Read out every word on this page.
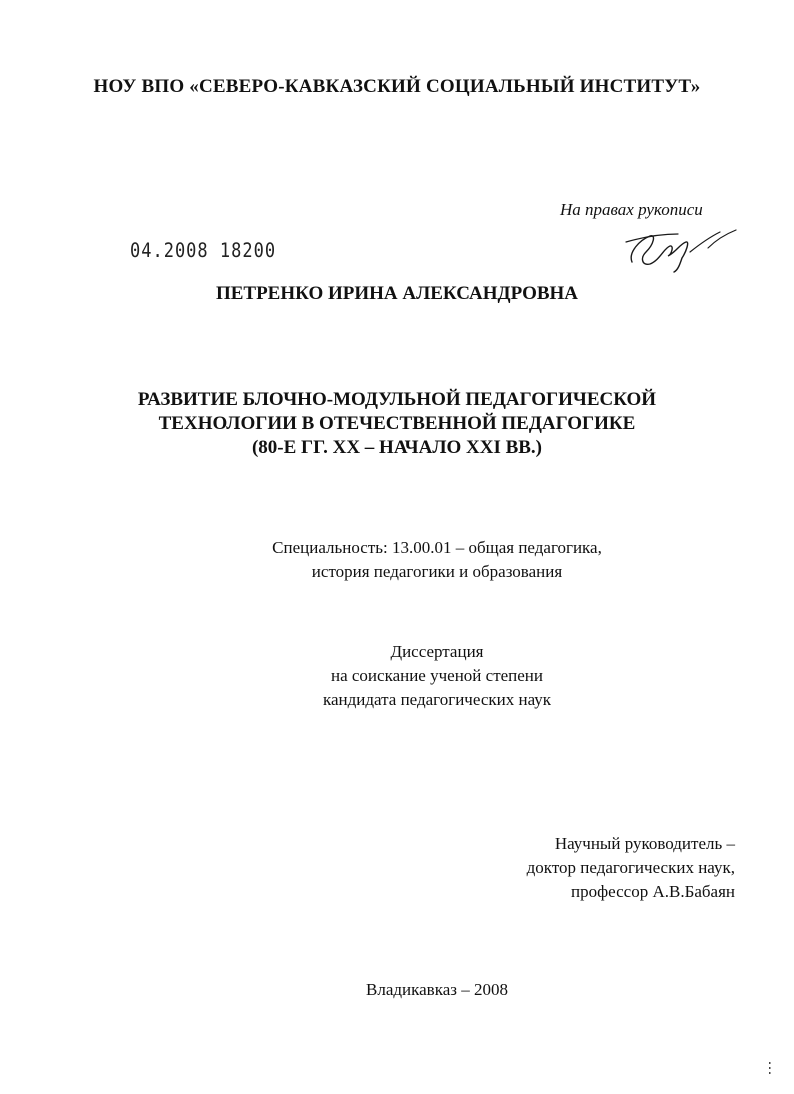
НОУ ВПО «СЕВЕРО-КАВКАЗСКИЙ СОЦИАЛЬНЫЙ ИНСТИТУТ»
На правах рукописи
04.2008 18200
ПЕТРЕНКО ИРИНА АЛЕКСАНДРОВНА
РАЗВИТИЕ БЛОЧНО-МОДУЛЬНОЙ ПЕДАГОГИЧЕСКОЙ
ТЕХНОЛОГИИ В ОТЕЧЕСТВЕННОЙ ПЕДАГОГИКЕ
(80-Е ГГ. XX – НАЧАЛО XXI ВВ.)
Специальность: 13.00.01 – общая педагогика,
история педагогики и образования
Диссертация
на соискание ученой степени
кандидата педагогических наук
Научный руководитель –
доктор педагогических наук,
профессор А.В.Бабаян
Владикавказ – 2008
